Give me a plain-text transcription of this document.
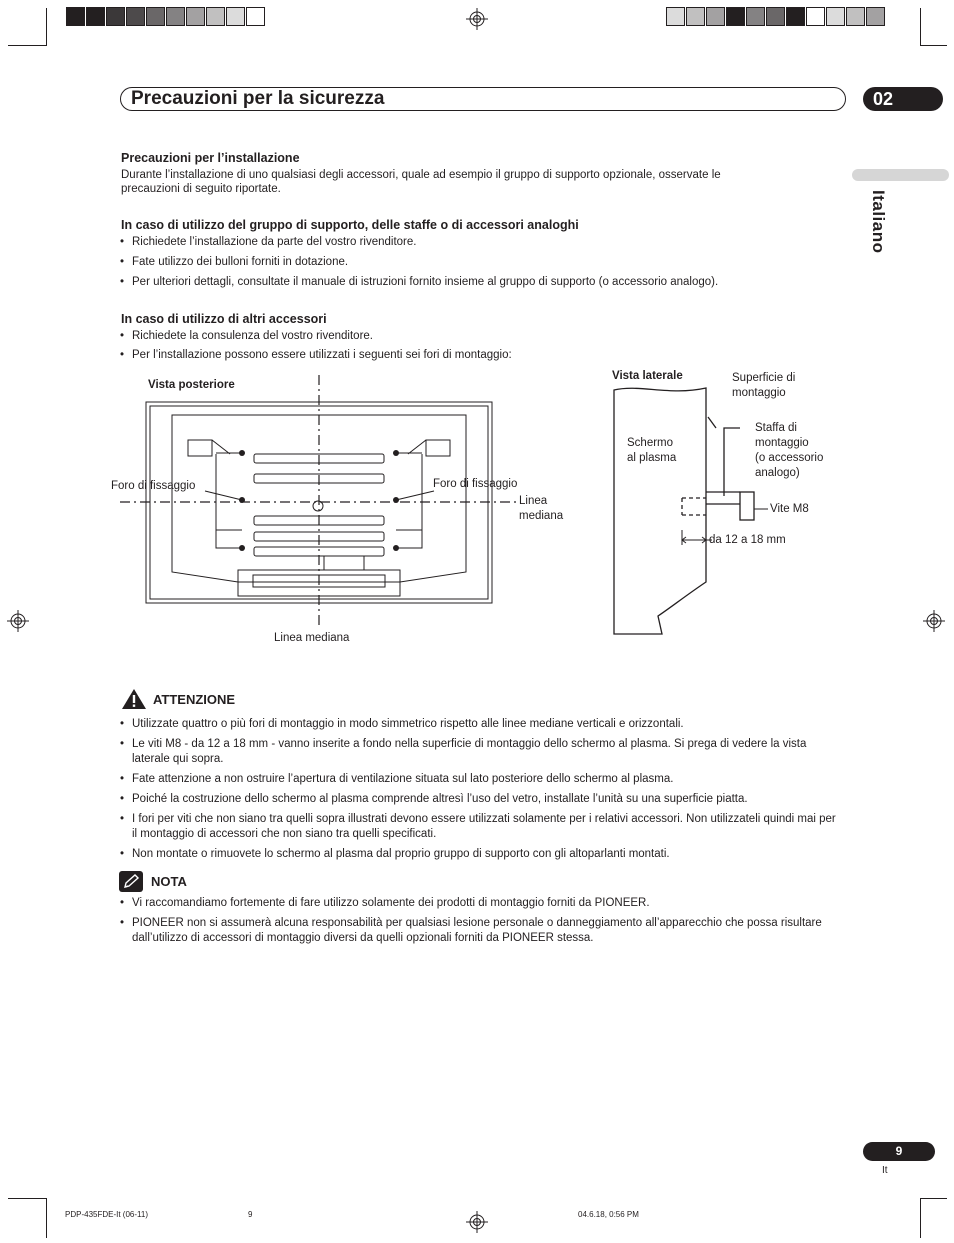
Precauzioni per la sicurezza	02
Italiano
Precauzioni per l’installazione
Durante l’installazione di uno qualsiasi degli accessori, quale ad esempio il gruppo di supporto opzionale, osservate le
precauzioni di seguito riportate.
In caso di utilizzo del gruppo di supporto, delle staffe o di accessori analoghi
• Richiedete l’installazione da parte del vostro rivenditore.
• Fate utilizzo dei bulloni forniti in dotazione.
• Per ulteriori dettagli, consultate il manuale di istruzioni fornito insieme al gruppo di supporto (o accessorio analogo).
In caso di utilizzo di altri accessori
• Richiedete la consulenza del vostro rivenditore.
• Per l’installazione possono essere utilizzati i seguenti sei fori di montaggio:
Vista posteriore
Foro di fissaggio	Foro di fissaggio
Linea
mediana
Linea mediana
Vista laterale	Superficie di
montaggio
Schermo
al plasma
Staffa di
montaggio
(o accessorio
analogo)
Vite M8
da 12 a 18 mm
ATTENZIONE
• Utilizzate quattro o più fori di montaggio in modo simmetrico rispetto alle linee mediane verticali e orizzontali.
• Le viti M8 - da 12 a 18 mm - vanno inserite a fondo nella superficie di montaggio dello schermo al plasma. Si prega di vedere la vista laterale qui sopra.
• Fate attenzione a non ostruire l’apertura di ventilazione situata sul lato posteriore dello schermo al plasma.
• Poiché la costruzione dello schermo al plasma comprende altresì l’uso del vetro, installate l’unità su una superficie piatta.
• I fori per viti che non siano tra quelli sopra illustrati devono essere utilizzati solamente per i relativi accessori. Non utilizzateli quindi mai per il montaggio di accessori che non siano tra quelli specificati.
• Non montate o rimuovete lo schermo al plasma dal proprio gruppo di supporto con gli altoparlanti montati.
NOTA
• Vi raccomandiamo fortemente di fare utilizzo solamente dei prodotti di montaggio forniti da PIONEER.
• PIONEER non si assumerà alcuna responsabilità per qualsiasi lesione personale o danneggiamento all’apparecchio che possa risultare dall’utilizzo di accessori di montaggio diversi da quelli opzionali forniti da PIONEER stessa.
9
It
PDP-435FDE-It (06-11)	9	04.6.18, 0:56 PM
